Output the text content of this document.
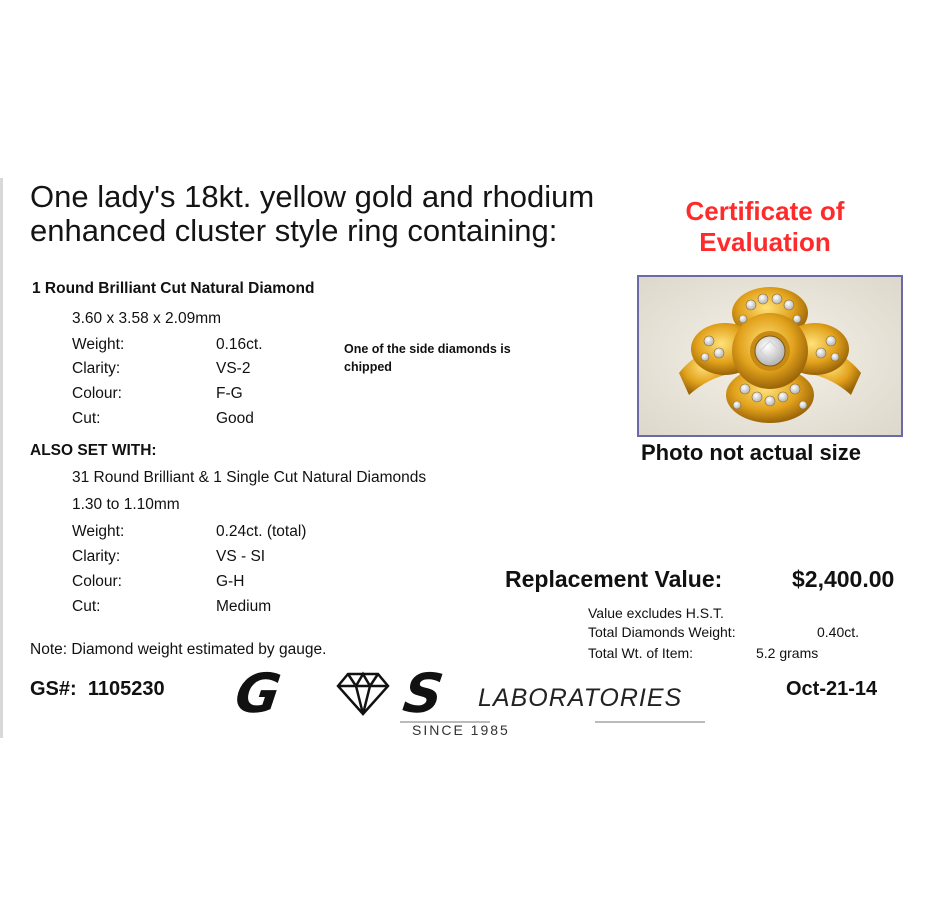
One lady's 18kt. yellow gold and rhodium
enhanced cluster style ring containing:
Certificate of
Evaluation
Photo not actual size
1 Round Brilliant Cut Natural Diamond
3.60 x 3.58 x 2.09mm
Weight:	0.16ct.
Clarity:	VS-2
Colour:	F-G
Cut:	Good
One of the side diamonds is
chipped
ALSO SET WITH:
31 Round Brilliant & 1 Single Cut Natural Diamonds
1.30 to 1.10mm
Weight:	0.24ct. (total)
Clarity:	VS - SI
Colour:	G-H
Cut:	Medium
Note: Diamond weight estimated by gauge.
Replacement Value:	$2,400.00
Value excludes H.S.T.
Total Diamonds Weight:	0.40ct.
Total Wt. of Item:	5.2 grams
GS#: 1105230	Oct-21-14
G S LABORATORIES
SINCE 1985
